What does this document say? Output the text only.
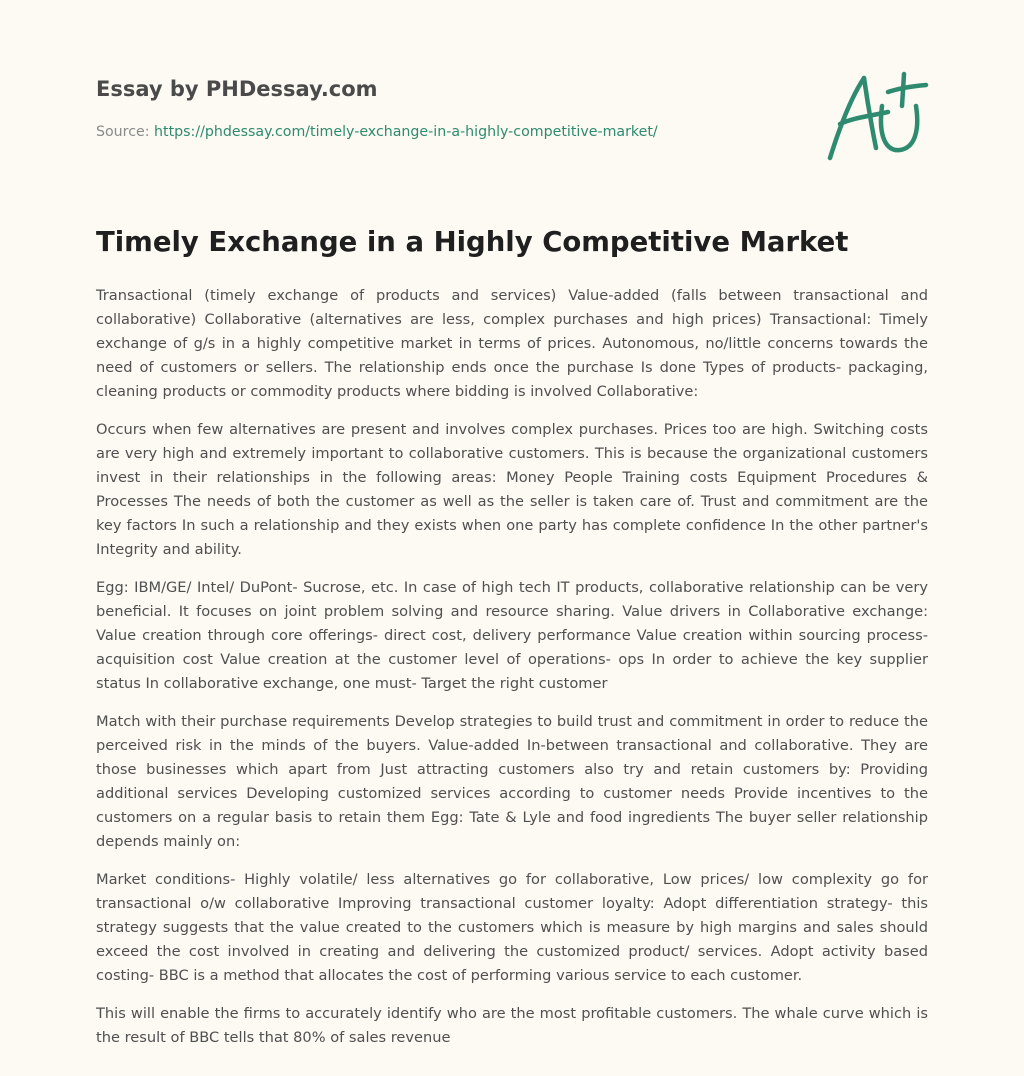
Essay by PHDessay.com
Source: https://phdessay.com/timely-exchange-in-a-highly-competitive-market/
Timely Exchange in a Highly Competitive Market

Transactional (timely exchange of products and services) Value-added (falls between transactional and collaborative) Collaborative (alternatives are less, complex purchases and high prices) Transactional: Timely exchange of g/s in a highly competitive market in terms of prices. Autonomous, no/little concerns towards the need of customers or sellers. The relationship ends once the purchase Is done Types of products- packaging, cleaning products or commodity products where bidding is involved Collaborative:

Occurs when few alternatives are present and involves complex purchases. Prices too are high. Switching costs are very high and extremely important to collaborative customers. This is because the organizational customers invest in their relationships in the following areas: Money People Training costs Equipment Procedures & Processes The needs of both the customer as well as the seller is taken care of. Trust and commitment are the key factors In such a relationship and they exists when one party has complete confidence In the other partner's Integrity and ability.

Egg: IBM/GE/ Intel/ DuPont- Sucrose, etc. In case of high tech IT products, collaborative relationship can be very beneficial. It focuses on joint problem solving and resource sharing. Value drivers in Collaborative exchange: Value creation through core offerings- direct cost, delivery performance Value creation within sourcing process- acquisition cost Value creation at the customer level of operations- ops In order to achieve the key supplier status In collaborative exchange, one must- Target the right customer

Match with their purchase requirements Develop strategies to build trust and commitment in order to reduce the perceived risk in the minds of the buyers. Value-added In-between transactional and collaborative. They are those businesses which apart from Just attracting customers also try and retain customers by: Providing additional services Developing customized services according to customer needs Provide incentives to the customers on a regular basis to retain them Egg: Tate & Lyle and food ingredients The buyer seller relationship depends mainly on:

Market conditions- Highly volatile/ less alternatives go for collaborative, Low prices/ low complexity go for transactional o/w collaborative Improving transactional customer loyalty: Adopt differentiation strategy- this strategy suggests that the value created to the customers which is measure by high margins and sales should exceed the cost involved in creating and delivering the customized product/ services. Adopt activity based costing- BBC is a method that allocates the cost of performing various service to each customer.

This will enable the firms to accurately identify who are the most profitable customers. The whale curve which is the result of BBC tells that 80% of sales revenue
